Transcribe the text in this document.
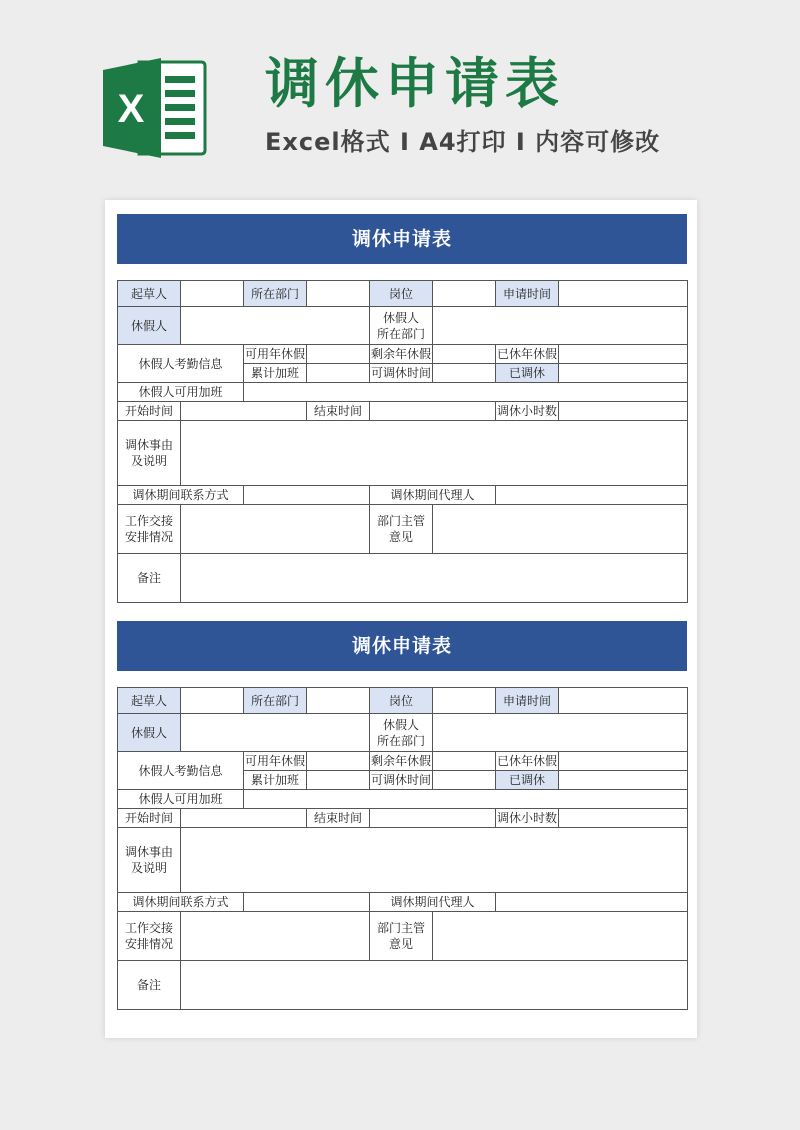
X 调休申请表
Excel格式 I A4打印 I 内容可修改
调休申请表
起草人		所在部门		岗位		申请时间	
休假人				休假人
所在部门			
休假人考勤信息		可用年休假		剩余年休假		已休年休假	
		累计加班		可调休时间		已调休	
休假人可用加班							
开始时间			结束时间			调休小时数	
调休事由
及说明							
调休期间联系方式				调休期间代理人			
工作交接
安排情况				部门主管
意见			
备注							
调休申请表
起草人		所在部门		岗位		申请时间	
休假人				休假人
所在部门			
休假人考勤信息		可用年休假		剩余年休假		已休年休假	
		累计加班		可调休时间		已调休	
休假人可用加班							
开始时间			结束时间			调休小时数	
调休事由
及说明							
调休期间联系方式				调休期间代理人			
工作交接
安排情况				部门主管
意见			
备注							
